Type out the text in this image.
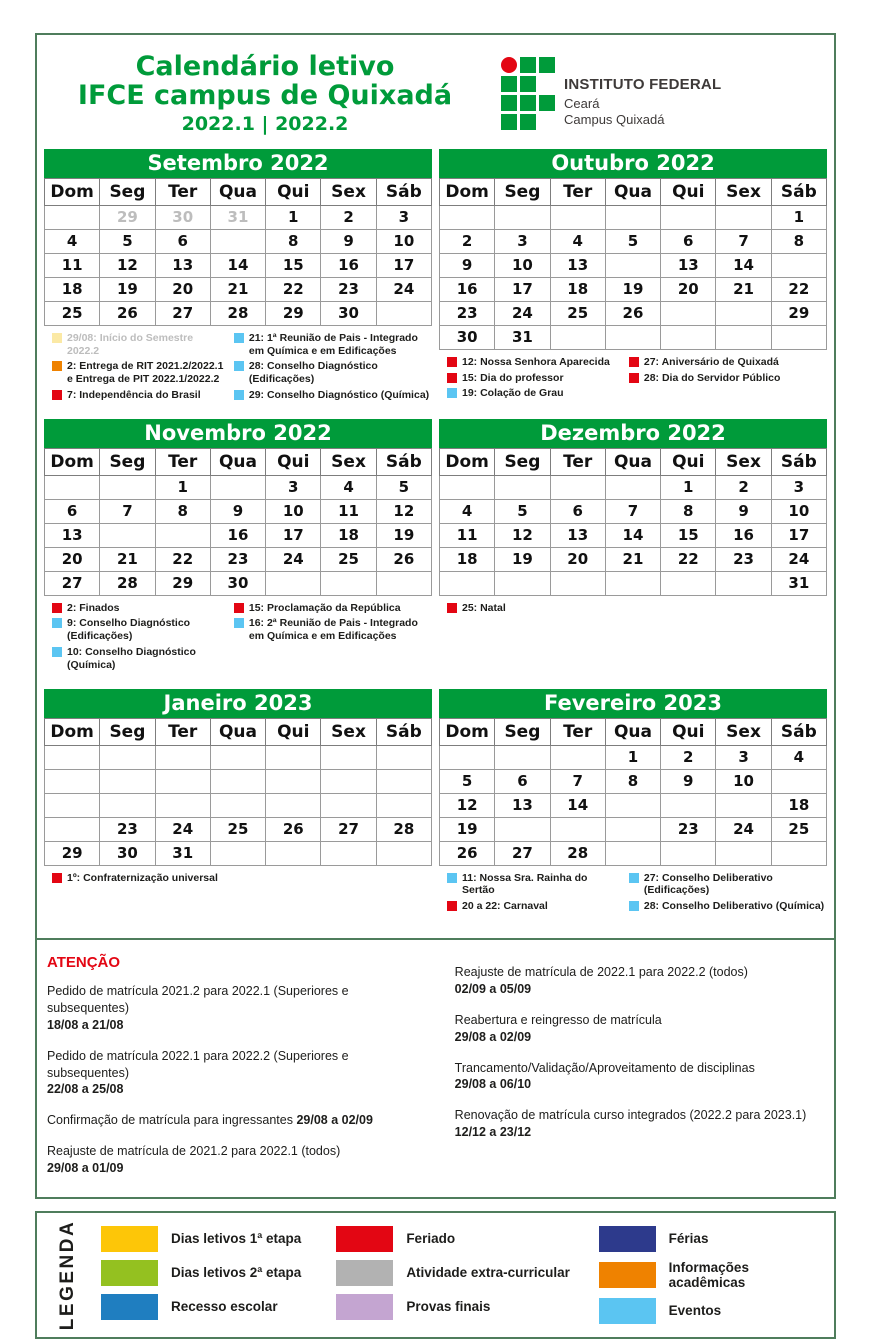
Calendário letivo
IFCE campus de Quixadá
2022.1 | 2022.2
INSTITUTO FEDERAL
Ceará
Campus Quixadá
Setembro 2022
Dom	Seg	Ter	Qua	Qui	Sex	Sáb
	29	30	31	1	2	3
4	5	6	7	8	9	10
11	12	13	14	15	16	17
18	19	20	21	22	23	24
25	26	27	28	29	30	
29/08: Início do Semestre 2022.2
2: Entrega de RIT 2021.2/2022.1 e Entrega de PIT 2022.1/2022.2
7: Independência do Brasil
21: 1ª Reunião de Pais - Integrado em Química e em Edificações
28: Conselho Diagnóstico (Edificações)
29: Conselho Diagnóstico (Química)
Outubro 2022
Dom	Seg	Ter	Qua	Qui	Sex	Sáb
						1
2	3	4	5	6	7	8
9	10	13	12	13	14	15
16	17	18	19	20	21	22
23	24	25	26	27	28	29
30	31					
12: Nossa Senhora Aparecida
15: Dia do professor
19: Colação de Grau
27: Aniversário de Quixadá
28: Dia do Servidor Público
Novembro 2022
Dom	Seg	Ter	Qua	Qui	Sex	Sáb
		1	2	3	4	5
6	7	8	9	10	11	12
13	14	15	16	17	18	19
20	21	22	23	24	25	26
27	28	29	30			
2: Finados
9: Conselho Diagnóstico (Edificações)
10: Conselho Diagnóstico (Química)
15: Proclamação da República
16: 2ª Reunião de Pais - Integrado em Química e em Edificações
Dezembro 2022
Dom	Seg	Ter	Qua	Qui	Sex	Sáb
				1	2	3
4	5	6	7	8	9	10
11	12	13	14	15	16	17
18	19	20	21	22	23	24
25	26	27	28	29	30	31
25: Natal
Janeiro 2023
Dom	Seg	Ter	Qua	Qui	Sex	Sáb
1	2	3	4	5	6	7
8	9	10	11	12	13	14
15	16	17	18	19	20	21
22	23	24	25	26	27	28
29	30	31				
1º: Confraternização universal
Fevereiro 2023
Dom	Seg	Ter	Qua	Qui	Sex	Sáb
			1	2	3	4
5	6	7	8	9	10	11
12	13	14	15	16	17	18
19	20	21	22	23	24	25
26	27	28				
11: Nossa Sra. Rainha do Sertão
20 a 22: Carnaval
27: Conselho Deliberativo (Edificações)
28: Conselho Deliberativo (Química)
ATENÇÃO
Pedido de matrícula 2021.2 para 2022.1 (Superiores e subsequentes)
18/08 a 21/08
Pedido de matrícula 2022.1 para 2022.2 (Superiores e subsequentes)
22/08 a 25/08
Confirmação de matrícula para ingressantes 29/08 a 02/09
Reajuste de matrícula de 2021.2 para 2022.1 (todos)
29/08 a 01/09
Reajuste de matrícula de 2022.1 para 2022.2 (todos)
02/09 a 05/09
Reabertura e reingresso de matrícula
29/08 a 02/09
Trancamento/Validação/Aproveitamento de disciplinas
29/08 a 06/10
Renovação de matrícula curso integrados (2022.2 para 2023.1)
12/12 a 23/12
LEGENDA	Dias letivos 1ª etapa
Dias letivos 2ª etapa
Recesso escolar
Feriado
Atividade extra-curricular
Provas finais
Férias
Informações acadêmicas
Eventos
